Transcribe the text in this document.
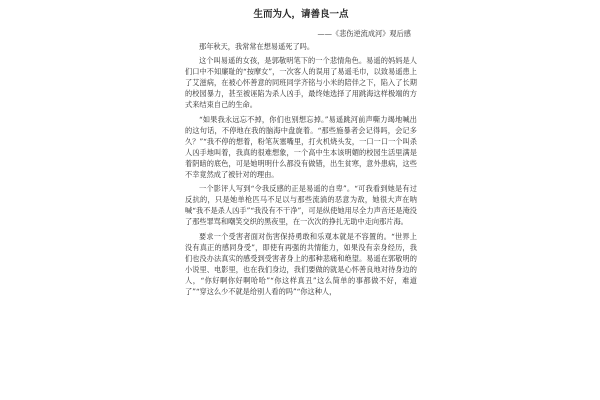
生而为人，请善良一点
——《悲伤逆流成河》观后感

那年秋天，我常常在想易遥死了吗。

这个叫易遥的女孩，是郭敬明笔下的一个悲情角色。易遥的妈妈是人们口中不知廉耻的“按摩女”，一次客人的误用了易遥毛巾，以致易遥患上了艾滋病，在被心怀善意的同班同学齐铭与小米的陪伴之下，陷入了长期的校园暴力，甚至被诬陷为杀人凶手，最终她选择了用跳海这样极端的方式来结束自己的生命。

“如果我永远忘不掉，你们也别想忘掉。”易遥跳河前声嘶力竭地喊出的这句话，不停地在我的脑海中盘旋着。“那些施暴者会记得吗，会记多久？”“我不停的想着，粉笔灰塞嘴里，打火机烧头发，一口一口一个叫杀人凶手地叫着，我真的很难想象，一个高中生本该明媚的校园生活里满是着阴暗的底色，可是她明明什么都没有做错，出生贫寒，意外患病，这些不幸竟然成了被针对的理由。

一个影评人写到“令我反感的正是易遥的自卑”。“可我看到她是有过反抗的，只是她单枪匹马不足以与那些流淌的恶意为敌，她很大声在呐喊“我不是杀人凶手”“我没有不干净”，可是纵使她用尽全力声音还是淹没了那些罪骂和嘲笑交织的黑夜里，在一次次的挣扎无助中走向那片海。

要求一个受害者面对伤害保持勇敢和乐观本就是不容置的。“世界上没有真正的感同身受”，即使有再强的共情能力，如果没有亲身经历，我们也没办法真实的感受到受害者身上的那种悲痛和绝望。易遥在郭敬明的小说里、电影里，也在我们身边，我们要做的就是心怀善良地对待身边的人，“你好啊你好啊哈哈”“你这样真丑”这么简单的事都做不好，难道了”“穿这么少不就是给别人看的吗”“你这种人，
